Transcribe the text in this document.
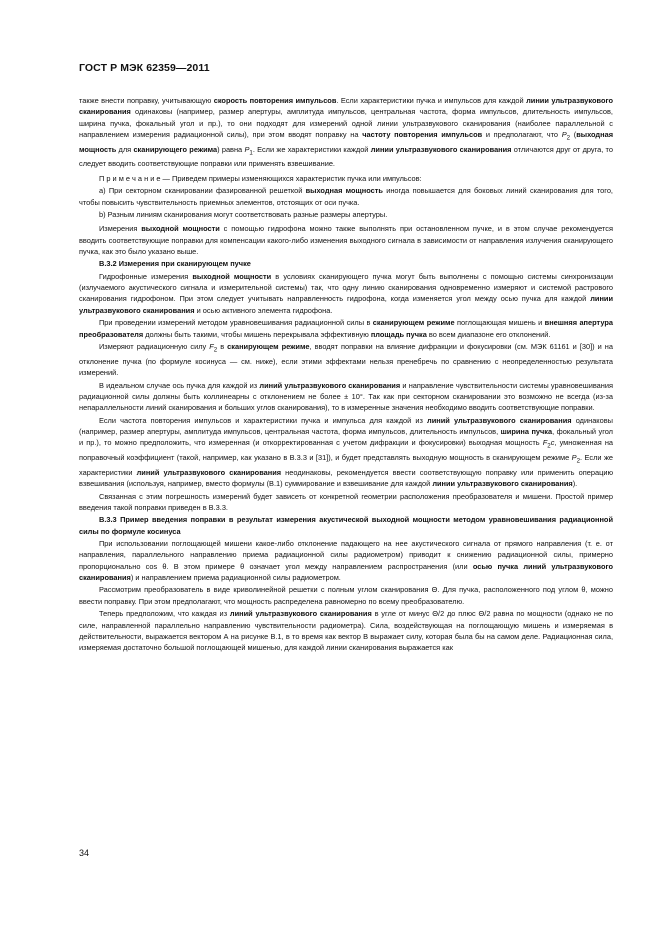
ГОСТ Р МЭК 62359—2011

также внести поправку, учитывающую скорость повторения импульсов. Если характеристики пучка и импульсов для каждой линии ультразвукового сканирования одинаковы (например, размер апертуры, амплитуда импульсов, центральная частота, форма импульсов, длительность импульсов, ширина пучка, фокальный угол и пр.), то они подходят для измерений одной линии ультразвукового сканирования (наиболее параллельной с направлением измерения радиационной силы), при этом вводят поправку на частоту повторения импульсов и предполагают, что $P_2$ (выходная мощность для сканирующего режима) равна $P_1$. Если же характеристики каждой линии ультразвукового сканирования отличаются друг от друга, то следует вводить соответствующие поправки или применять взвешивание.

П р и м е ч а н и е — Приведем примеры изменяющихся характеристик пучка или импульсов:

a) При секторном сканировании фазированной решеткой выходная мощность иногда повышается для боковых линий сканирования для того, чтобы повысить чувствительность приемных элементов, отстоящих от оси пучка.

b) Разным линиям сканирования могут соответствовать разные размеры апертуры.

Измерения выходной мощности с помощью гидрофона можно также выполнять при остановленном пучке, и в этом случае рекомендуется вводить соответствующие поправки для компенсации какого-либо изменения выходного сигнала в зависимости от направления излучения сканирующего пучка, как это было указано выше.

B.3.2 Измерения при сканирующем пучке

Гидрофонные измерения выходной мощности в условиях сканирующего пучка могут быть выполнены с помощью системы синхронизации (излучаемого акустического сигнала и измерительной системы) так, что одну линию сканирования одновременно измеряют и системой растрового сканирования гидрофоном. При этом следует учитывать направленность гидрофона, когда изменяется угол между осью пучка для каждой линии ультразвукового сканирования и осью активного элемента гидрофона.

При проведении измерений методом уравновешивания радиационной силы в сканирующем режиме поглощающая мишень и внешняя апертура преобразователя должны быть такими, чтобы мишень перекрывала эффективную площадь пучка во всем диапазоне его отклонений.

Измеряют радиационную силу $F_2$ в сканирующем режиме, вводят поправки на влияние дифракции и фокусировки (см. МЭК 61161 и [30]) и на отклонение пучка (по формуле косинуса — см. ниже), если этими эффектами нельзя пренебречь по сравнению с неопределенностью результата измерений.

В идеальном случае ось пучка для каждой из линий ультразвукового сканирования и направление чувствительности системы уравновешивания радиационной силы должны быть коллинеарны с отклонением не более ± 10°. Так как при секторном сканировании это возможно не всегда (из-за непараллельности линий сканирования и больших углов сканирования), то в измеренные значения необходимо вводить соответствующие поправки.

Если частота повторения импульсов и характеристики пучка и импульса для каждой из линий ультразвукового сканирования одинаковы (например, размер апертуры, амплитуда импульсов, центральная частота, форма импульсов, длительность импульсов, ширина пучка, фокальный угол и пр.), то можно предположить, что измеренная (и откорректированная с учетом дифракции и фокусировки) выходная мощность $F_2c$, умноженная на поправочный коэффициент (такой, например, как указано в B.3.3 и [31]), и будет представлять выходную мощность в сканирующем режиме $P_2$. Если же характеристики линий ультразвукового сканирования неодинаковы, рекомендуется ввести соответствующую поправку или применить операцию взвешивания (используя, например, вместо формулы (B.1) суммирование и взвешивание для каждой линии ультразвукового сканирования).

Связанная с этим погрешность измерений будет зависеть от конкретной геометрии расположения преобразователя и мишени. Простой пример введения такой поправки приведен в B.3.3.

B.3.3 Пример введения поправки в результат измерения акустической выходной мощности методом уравновешивания радиационной силы по формуле косинуса

При использовании поглощающей мишени какое-либо отклонение падающего на нее акустического сигнала от прямого направления (т. е. от направления, параллельного направлению приема радиационной силы радиометром) приводит к снижению радиационной силы, примерно пропорционально cos θ. В этом примере θ означает угол между направлением распространения (или осью пучка линий ультразвукового сканирования) и направлением приема радиационной силы радиометром.

Рассмотрим преобразователь в виде криволинейной решетки с полным углом сканирования Θ. Для пучка, расположенного под углом θ, можно ввести поправку. При этом предполагают, что мощность распределена равномерно по всему преобразователю.

Теперь предположим, что каждая из линий ультразвукового сканирования в угле от минус Θ/2 до плюс Θ/2 равна по мощности (однако не по силе, направленной параллельно направлению чувствительности радиометра). Сила, воздействующая на поглощающую мишень и измеряемая в действительности, выражается вектором А на рисунке B.1, в то время как вектор B выражает силу, которая была бы на самом деле. Радиационная сила, измеряемая достаточно большой поглощающей мишенью, для каждой линии сканирования выражается как

34
